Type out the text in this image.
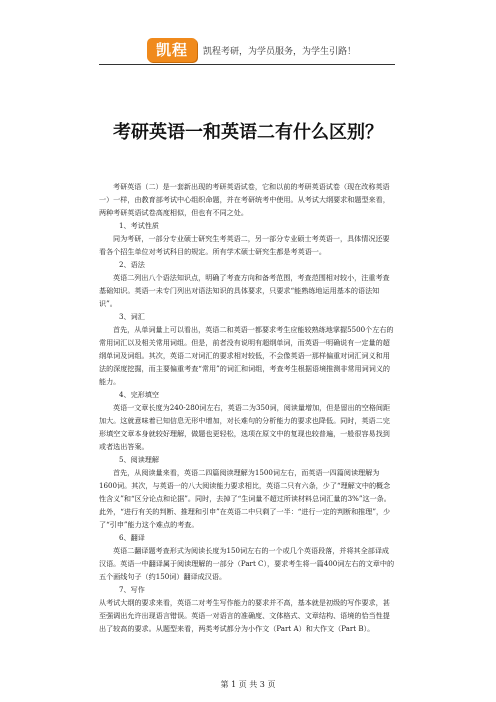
凯程	凯程考研，为学员服务，为学生引路！
考研英语一和英语二有什么区别？

考研英语（二）是一套新出现的考研英语试卷，它和以前的考研英语试卷（现在改称英语一）一样，由教育部考试中心组织命题，并在考研统考中使用。从考试大纲要求和题型来看，两种考研英语试卷高度相似，但也有不同之处。

1、考试性质

同为考研，一部分专业硕士研究生考英语二，另一部分专业硕士考英语一，具体情况还要看各个招生单位对考试科目的规定。所有学术硕士研究生都是考英语一。

2、语法

英语二列出八个语法知识点，明确了考查方向和备考范围，考查范围相对较小，注重考查基础知识。英语一未专门列出对语法知识的具体要求，只要求“能熟练地运用基本的语法知识”。

3、词汇

首先，从单词量上可以看出，英语二和英语一都要求考生应能较熟练地掌握5500个左右的常用词汇以及相关常用词组。但是，前者没有说明有超纲单词，而英语一明确说有一定量的超纲单词及词组。其次，英语二对词汇的要求相对较低，不会像英语一那样偏重对词汇词义和用法的深度挖掘，而主要偏重考查“常用”的词汇和词组，考查考生根据语境推测非常用词词义的能力。

4、完形填空

英语一文章长度为240-280词左右，英语二为350词，阅读量增加，但是留出的空格间距加大。这就意味着已知信息无形中增加，对长难句的分析能力的要求也降低。同时，英语二完形填空文章本身就较好理解，做题也更轻松，选项在原文中的复现也较普遍，一般很容易找到或者选出答案。

5、阅读理解

首先，从阅读量来看，英语二四篇阅读理解为1500词左右，而英语一四篇阅读理解为1600词。其次，与英语一的八大阅读能力要求相比，英语二只有六条，少了“理解文中的概念性含义”和“区分论点和论据”。同时，去掉了“生词量不超过所读材料总词汇量的3%”这一条。此外，“进行有关的判断、推理和引申”在英语二中只剩了一半：“进行一定的判断和推理”，少了“引申”能力这个难点的考查。

6、翻译

英语二翻译题考查形式为阅读长度为150词左右的一个或几个英语段落，并将其全部译成汉语。英语一中翻译属于阅读理解的一部分（Part C），要求考生将一篇400词左右的文章中的五个画线句子（约150词）翻译成汉语。

7、写作

从考试大纲的要求来看，英语二对考生写作能力的要求并不高，基本就是初级的写作要求，甚至强调出允许出现语言错误。英语一对语言的准确度、文体格式、文章结构、语境的恰当性提出了较高的要求。从题型来看，两类考试都分为小作文（Part A）和大作文（Part B）。

第 1 页 共 3 页
